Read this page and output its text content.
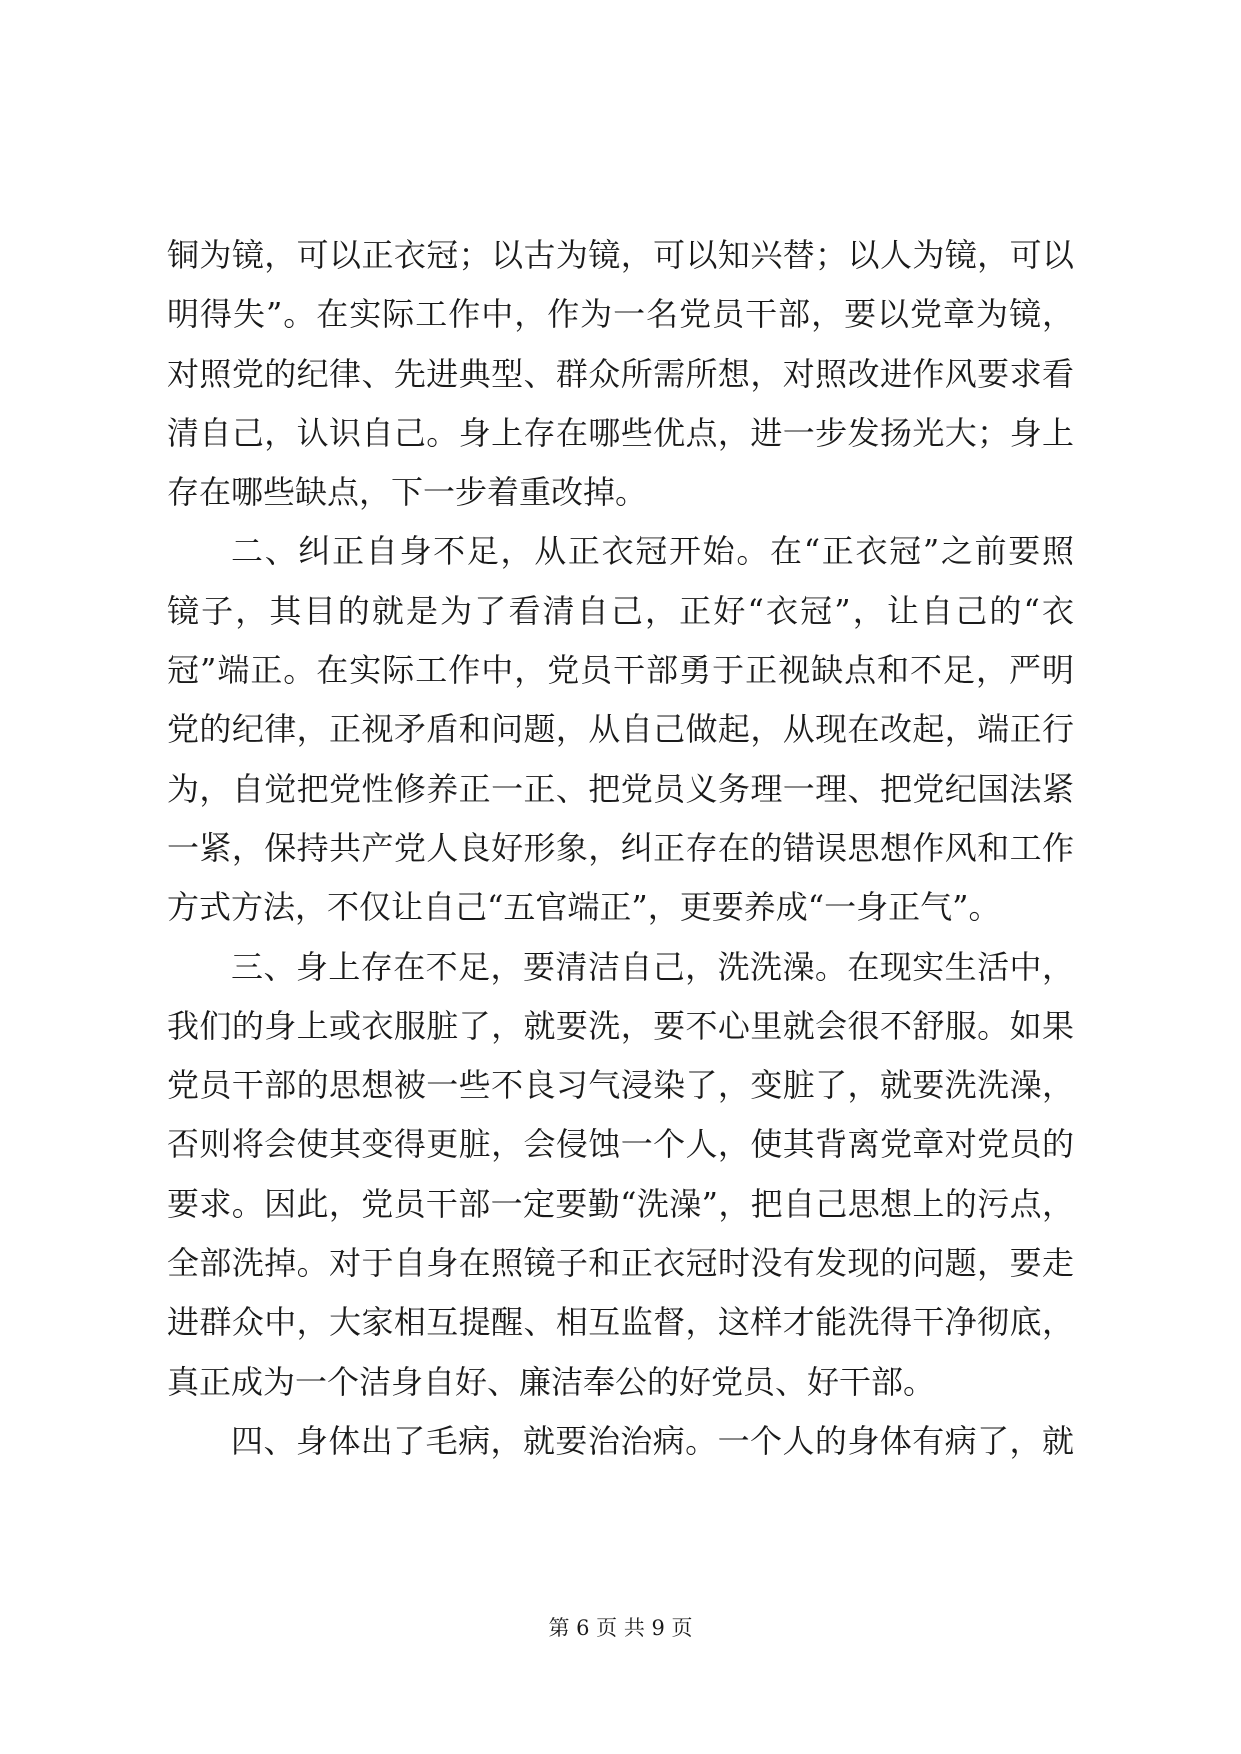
铜为镜，可以正衣冠；以古为镜，可以知兴替；以人为镜，可以
明得失”。在实际工作中，作为一名党员干部，要以党章为镜，
对照党的纪律、先进典型、群众所需所想，对照改进作风要求看
清自己，认识自己。身上存在哪些优点，进一步发扬光大；身上
存在哪些缺点，下一步着重改掉。
二、纠正自身不足，从正衣冠开始。在“正衣冠”之前要照
镜子，其目的就是为了看清自己，正好“衣冠”，让自己的“衣
冠”端正。在实际工作中，党员干部勇于正视缺点和不足，严明
党的纪律，正视矛盾和问题，从自己做起，从现在改起，端正行
为，自觉把党性修养正一正、把党员义务理一理、把党纪国法紧
一紧，保持共产党人良好形象，纠正存在的错误思想作风和工作
方式方法，不仅让自己“五官端正”，更要养成“一身正气”。
三、身上存在不足，要清洁自己，洗洗澡。在现实生活中，
我们的身上或衣服脏了，就要洗，要不心里就会很不舒服。如果
党员干部的思想被一些不良习气浸染了，变脏了，就要洗洗澡，
否则将会使其变得更脏，会侵蚀一个人，使其背离党章对党员的
要求。因此，党员干部一定要勤“洗澡”，把自己思想上的污点，
全部洗掉。对于自身在照镜子和正衣冠时没有发现的问题，要走
进群众中，大家相互提醒、相互监督，这样才能洗得干净彻底，
真正成为一个洁身自好、廉洁奉公的好党员、好干部。
四、身体出了毛病，就要治治病。一个人的身体有病了，就
第 6 页 共 9 页
